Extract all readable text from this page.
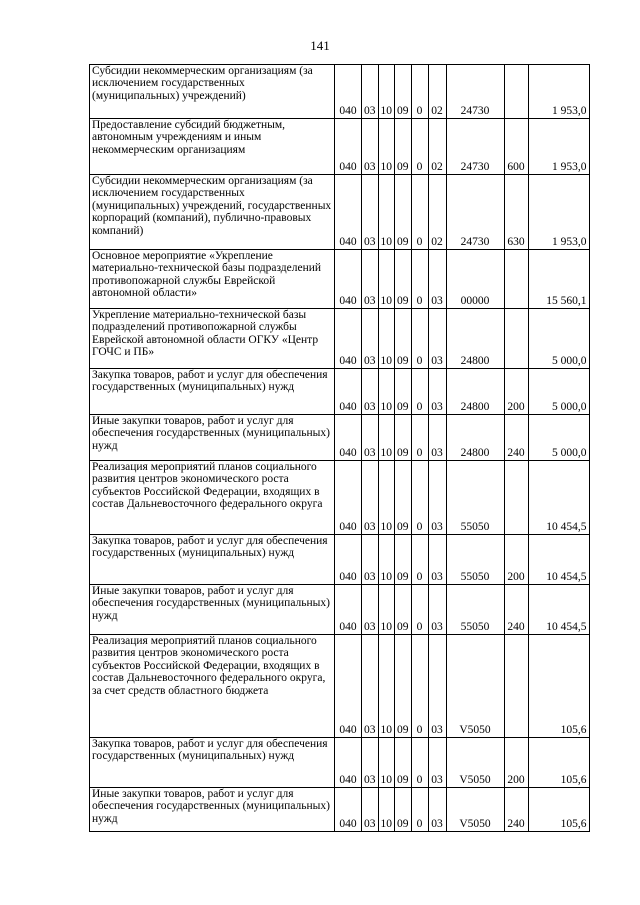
141
Субсидии некоммерческим организациям (за исключением государственных (муниципальных) учреждений)	040	03	10	09	0	02	24730		1 953,0
Предоставление субсидий бюджетным, автономным учреждениям и иным некоммерческим организациям	040	03	10	09	0	02	24730	600	1 953,0
Субсидии некоммерческим организациям (за исключением государственных (муниципальных) учреждений, государственных корпораций (компаний), публично-правовых компаний)	040	03	10	09	0	02	24730	630	1 953,0
Основное мероприятие «Укрепление материально-технической базы подразделений противопожарной службы Еврейской автономной области»	040	03	10	09	0	03	00000		15 560,1
Укрепление материально-технической базы подразделений противопожарной службы Еврейской автономной области ОГКУ «Центр ГОЧС и ПБ»	040	03	10	09	0	03	24800		5 000,0
Закупка товаров, работ и услуг для обеспечения государственных (муниципальных) нужд	040	03	10	09	0	03	24800	200	5 000,0
Иные закупки товаров, работ и услуг для обеспечения государственных (муниципальных) нужд	040	03	10	09	0	03	24800	240	5 000,0
Реализация мероприятий планов социального развития центров экономического роста субъектов Российской Федерации, входящих в состав Дальневосточного федерального округа	040	03	10	09	0	03	55050		10 454,5
Закупка товаров, работ и услуг для обеспечения государственных (муниципальных) нужд	040	03	10	09	0	03	55050	200	10 454,5
Иные закупки товаров, работ и услуг для обеспечения государственных (муниципальных) нужд	040	03	10	09	0	03	55050	240	10 454,5
Реализация мероприятий планов социального развития центров экономического роста субъектов Российской Федерации, входящих в состав Дальневосточного федерального округа, за счет средств областного бюджета	040	03	10	09	0	03	V5050		105,6
Закупка товаров, работ и услуг для обеспечения государственных (муниципальных) нужд	040	03	10	09	0	03	V5050	200	105,6
Иные закупки товаров, работ и услуг для обеспечения государственных (муниципальных) нужд	040	03	10	09	0	03	V5050	240	105,6
